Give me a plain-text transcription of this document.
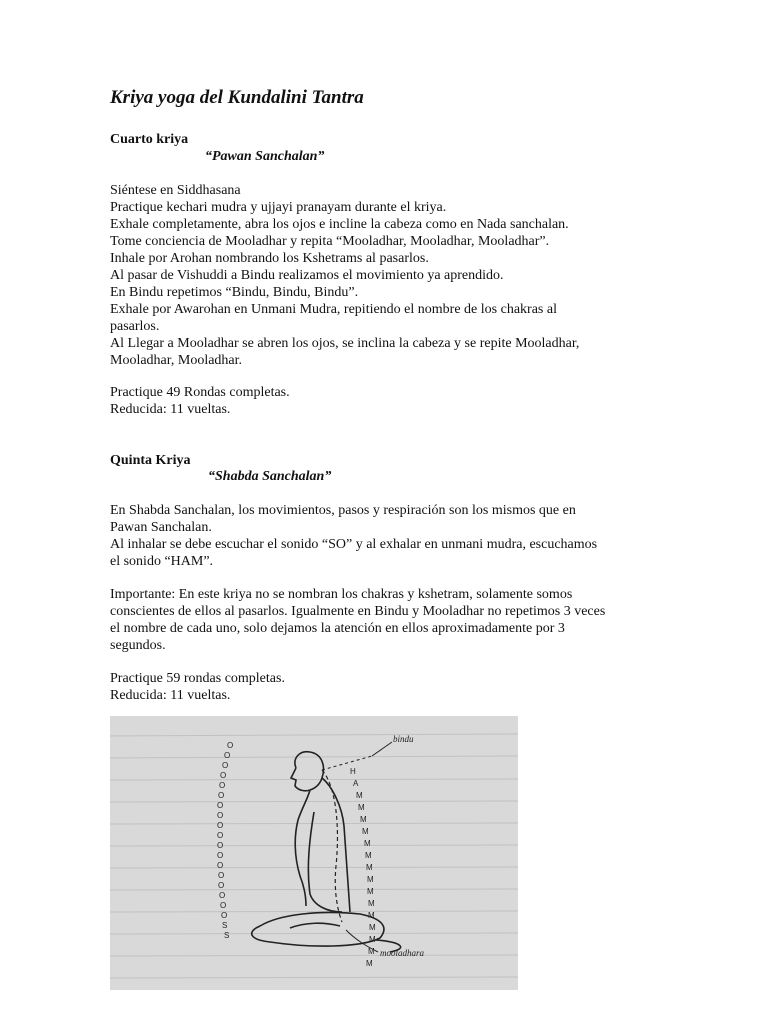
Kriya yoga del Kundalini Tantra

Cuarto kriya

“Pawan Sanchalan”

Siéntese en Siddhasana
Practique kechari mudra y ujjayi pranayam durante el kriya.
Exhale completamente, abra los ojos e incline la cabeza como en Nada sanchalan.
Tome conciencia de Mooladhar y repita “Mooladhar, Mooladhar, Mooladhar”.
Inhale por Arohan nombrando los Kshetrams al pasarlos.
Al pasar de Vishuddi a Bindu realizamos el movimiento ya aprendido.
En Bindu repetimos “Bindu, Bindu, Bindu”.
Exhale por Awarohan en Unmani Mudra, repitiendo el nombre de los chakras al
pasarlos.
Al Llegar a Mooladhar se abren los ojos, se inclina la cabeza y se repite Mooladhar,
Mooladhar, Mooladhar.
Practique 49 Rondas completas.
Reducida: 11 vueltas.

Quinta Kriya

“Shabda Sanchalan”

En Shabda Sanchalan, los movimientos, pasos y respiración son los mismos que en
Pawan Sanchalan.
Al inhalar se debe escuchar el sonido “SO” y al exhalar en unmani mudra, escuchamos
el sonido “HAM”.
Importante: En este kriya no se nombran los chakras y kshetram, solamente somos
conscientes de ellos al pasarlos. Igualmente en Bindu y Mooladhar no repetimos 3 veces
el nombre de cada uno, solo dejamos la atención en ellos aproximadamente por 3
segundos.
Practique 59 rondas completas.
Reducida: 11 vueltas.
bindu
H
A
M
M
M
M
M
M
M
M
M
M
M
M
M
M
M
S
S
O
O
O
O
O
O
O
O
O
O
O
O
O
O
O
O
O
O
mooladhara
